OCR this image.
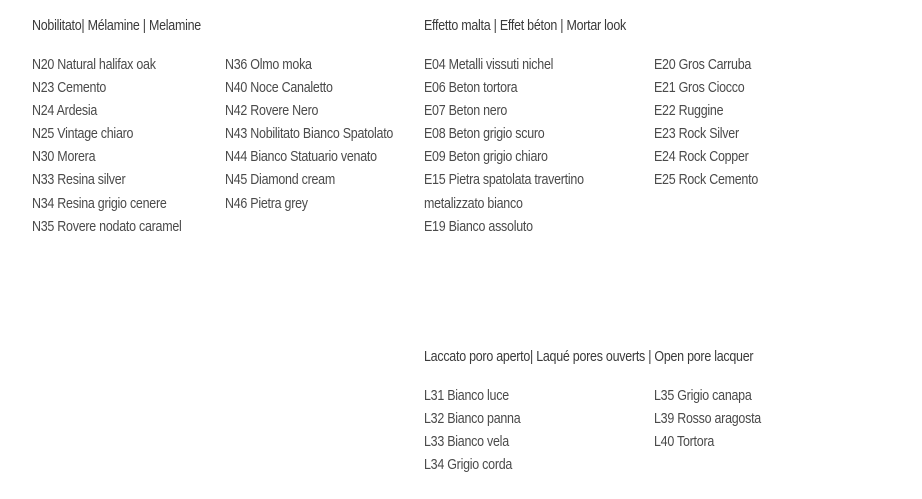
Nobilitato| Mélamine | Melamine
N20 Natural halifax oak
N23 Cemento
N24 Ardesia
N25 Vintage chiaro
N30 Morera
N33 Resina silver
N34 Resina grigio cenere
N35 Rovere nodato caramel
N36 Olmo moka
N40 Noce Canaletto
N42 Rovere Nero
N43 Nobilitato Bianco Spatolato
N44 Bianco Statuario venato
N45 Diamond cream
N46 Pietra grey
Effetto malta | Effet béton | Mortar look
E04 Metalli vissuti nichel
E06 Beton tortora
E07 Beton nero
E08 Beton grigio scuro
E09 Beton grigio chiaro
E15 Pietra spatolata travertino
metalizzato bianco
E19 Bianco assoluto
E20 Gros Carruba
E21 Gros Ciocco
E22 Ruggine
E23 Rock Silver
E24 Rock Copper
E25 Rock Cemento
Laccato poro aperto| Laqué pores ouverts | Open pore lacquer
L31 Bianco luce
L32 Bianco panna
L33 Bianco vela
L34 Grigio corda
L35 Grigio canapa
L39 Rosso aragosta
L40 Tortora
